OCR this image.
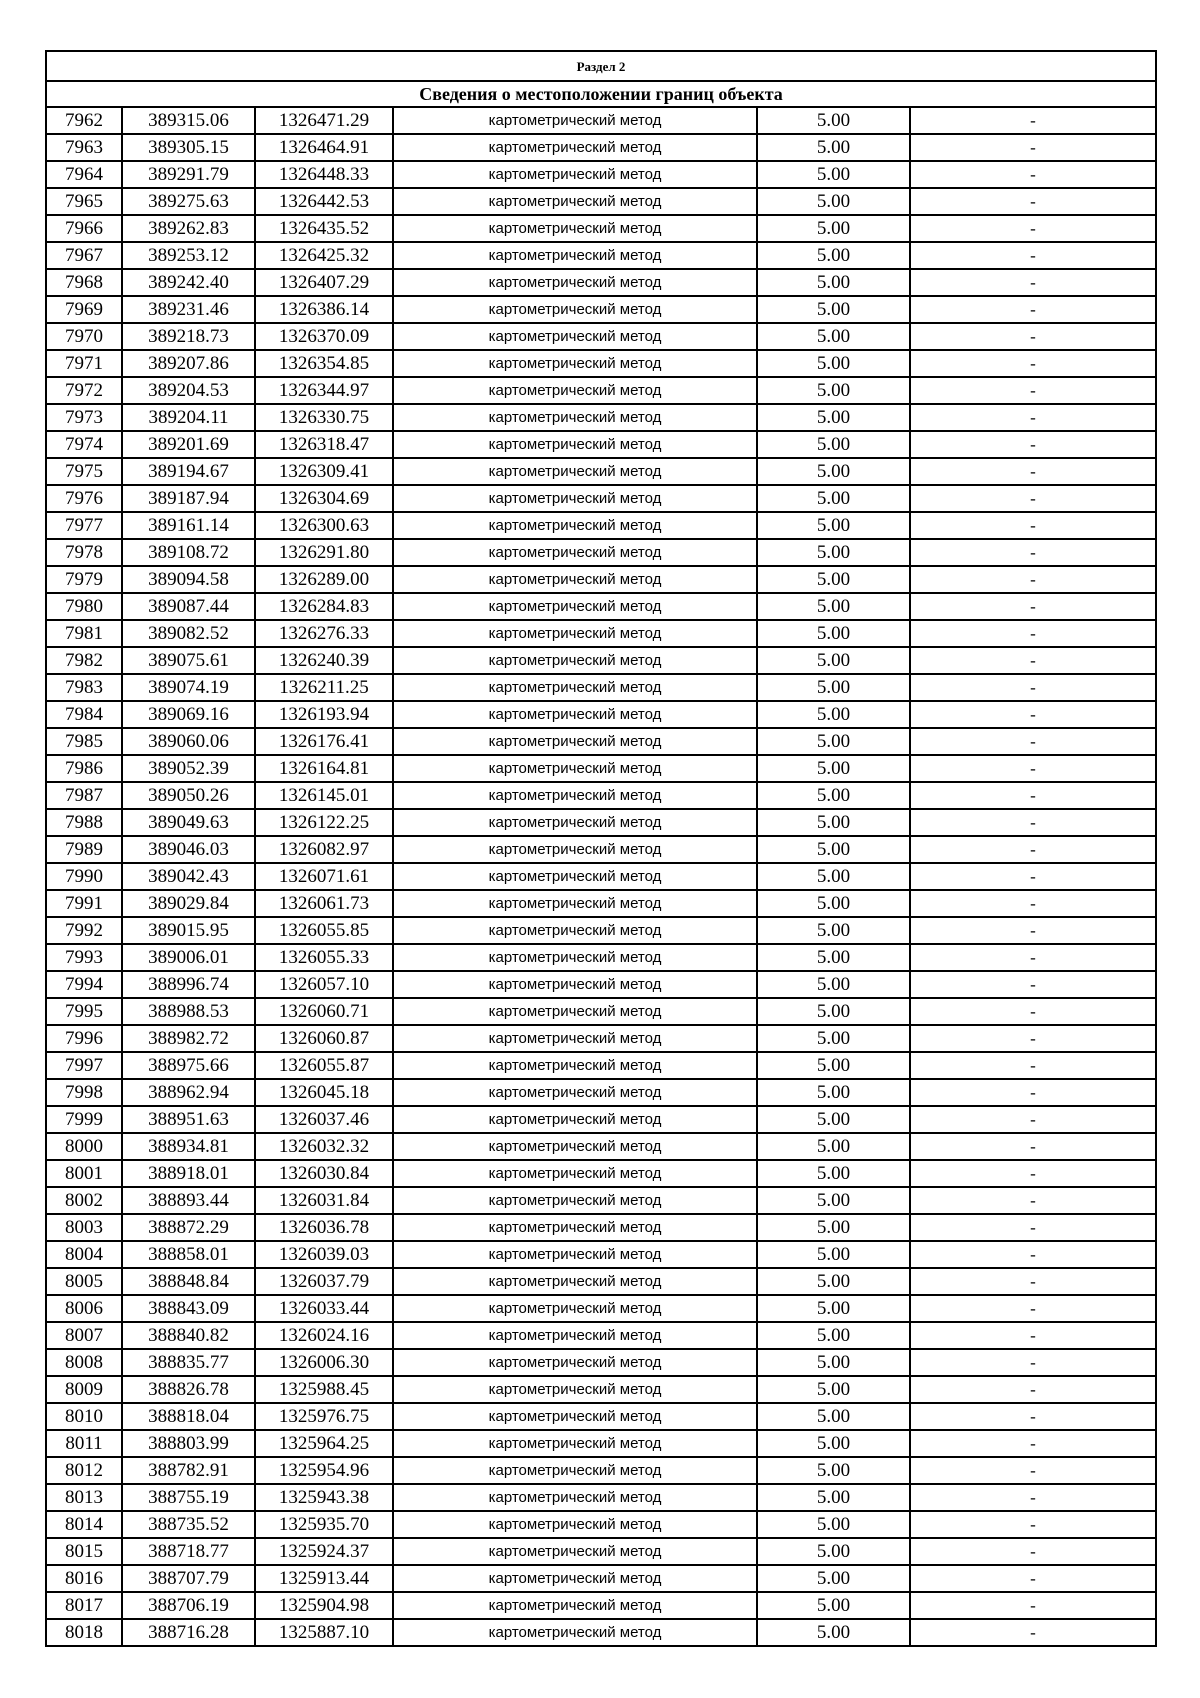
Раздел 2					
Сведения о местоположении границ объекта					
7962	389315.06	1326471.29	картометрический метод	5.00	-
7963	389305.15	1326464.91	картометрический метод	5.00	-
7964	389291.79	1326448.33	картометрический метод	5.00	-
7965	389275.63	1326442.53	картометрический метод	5.00	-
7966	389262.83	1326435.52	картометрический метод	5.00	-
7967	389253.12	1326425.32	картометрический метод	5.00	-
7968	389242.40	1326407.29	картометрический метод	5.00	-
7969	389231.46	1326386.14	картометрический метод	5.00	-
7970	389218.73	1326370.09	картометрический метод	5.00	-
7971	389207.86	1326354.85	картометрический метод	5.00	-
7972	389204.53	1326344.97	картометрический метод	5.00	-
7973	389204.11	1326330.75	картометрический метод	5.00	-
7974	389201.69	1326318.47	картометрический метод	5.00	-
7975	389194.67	1326309.41	картометрический метод	5.00	-
7976	389187.94	1326304.69	картометрический метод	5.00	-
7977	389161.14	1326300.63	картометрический метод	5.00	-
7978	389108.72	1326291.80	картометрический метод	5.00	-
7979	389094.58	1326289.00	картометрический метод	5.00	-
7980	389087.44	1326284.83	картометрический метод	5.00	-
7981	389082.52	1326276.33	картометрический метод	5.00	-
7982	389075.61	1326240.39	картометрический метод	5.00	-
7983	389074.19	1326211.25	картометрический метод	5.00	-
7984	389069.16	1326193.94	картометрический метод	5.00	-
7985	389060.06	1326176.41	картометрический метод	5.00	-
7986	389052.39	1326164.81	картометрический метод	5.00	-
7987	389050.26	1326145.01	картометрический метод	5.00	-
7988	389049.63	1326122.25	картометрический метод	5.00	-
7989	389046.03	1326082.97	картометрический метод	5.00	-
7990	389042.43	1326071.61	картометрический метод	5.00	-
7991	389029.84	1326061.73	картометрический метод	5.00	-
7992	389015.95	1326055.85	картометрический метод	5.00	-
7993	389006.01	1326055.33	картометрический метод	5.00	-
7994	388996.74	1326057.10	картометрический метод	5.00	-
7995	388988.53	1326060.71	картометрический метод	5.00	-
7996	388982.72	1326060.87	картометрический метод	5.00	-
7997	388975.66	1326055.87	картометрический метод	5.00	-
7998	388962.94	1326045.18	картометрический метод	5.00	-
7999	388951.63	1326037.46	картометрический метод	5.00	-
8000	388934.81	1326032.32	картометрический метод	5.00	-
8001	388918.01	1326030.84	картометрический метод	5.00	-
8002	388893.44	1326031.84	картометрический метод	5.00	-
8003	388872.29	1326036.78	картометрический метод	5.00	-
8004	388858.01	1326039.03	картометрический метод	5.00	-
8005	388848.84	1326037.79	картометрический метод	5.00	-
8006	388843.09	1326033.44	картометрический метод	5.00	-
8007	388840.82	1326024.16	картометрический метод	5.00	-
8008	388835.77	1326006.30	картометрический метод	5.00	-
8009	388826.78	1325988.45	картометрический метод	5.00	-
8010	388818.04	1325976.75	картометрический метод	5.00	-
8011	388803.99	1325964.25	картометрический метод	5.00	-
8012	388782.91	1325954.96	картометрический метод	5.00	-
8013	388755.19	1325943.38	картометрический метод	5.00	-
8014	388735.52	1325935.70	картометрический метод	5.00	-
8015	388718.77	1325924.37	картометрический метод	5.00	-
8016	388707.79	1325913.44	картометрический метод	5.00	-
8017	388706.19	1325904.98	картометрический метод	5.00	-
8018	388716.28	1325887.10	картометрический метод	5.00	-
